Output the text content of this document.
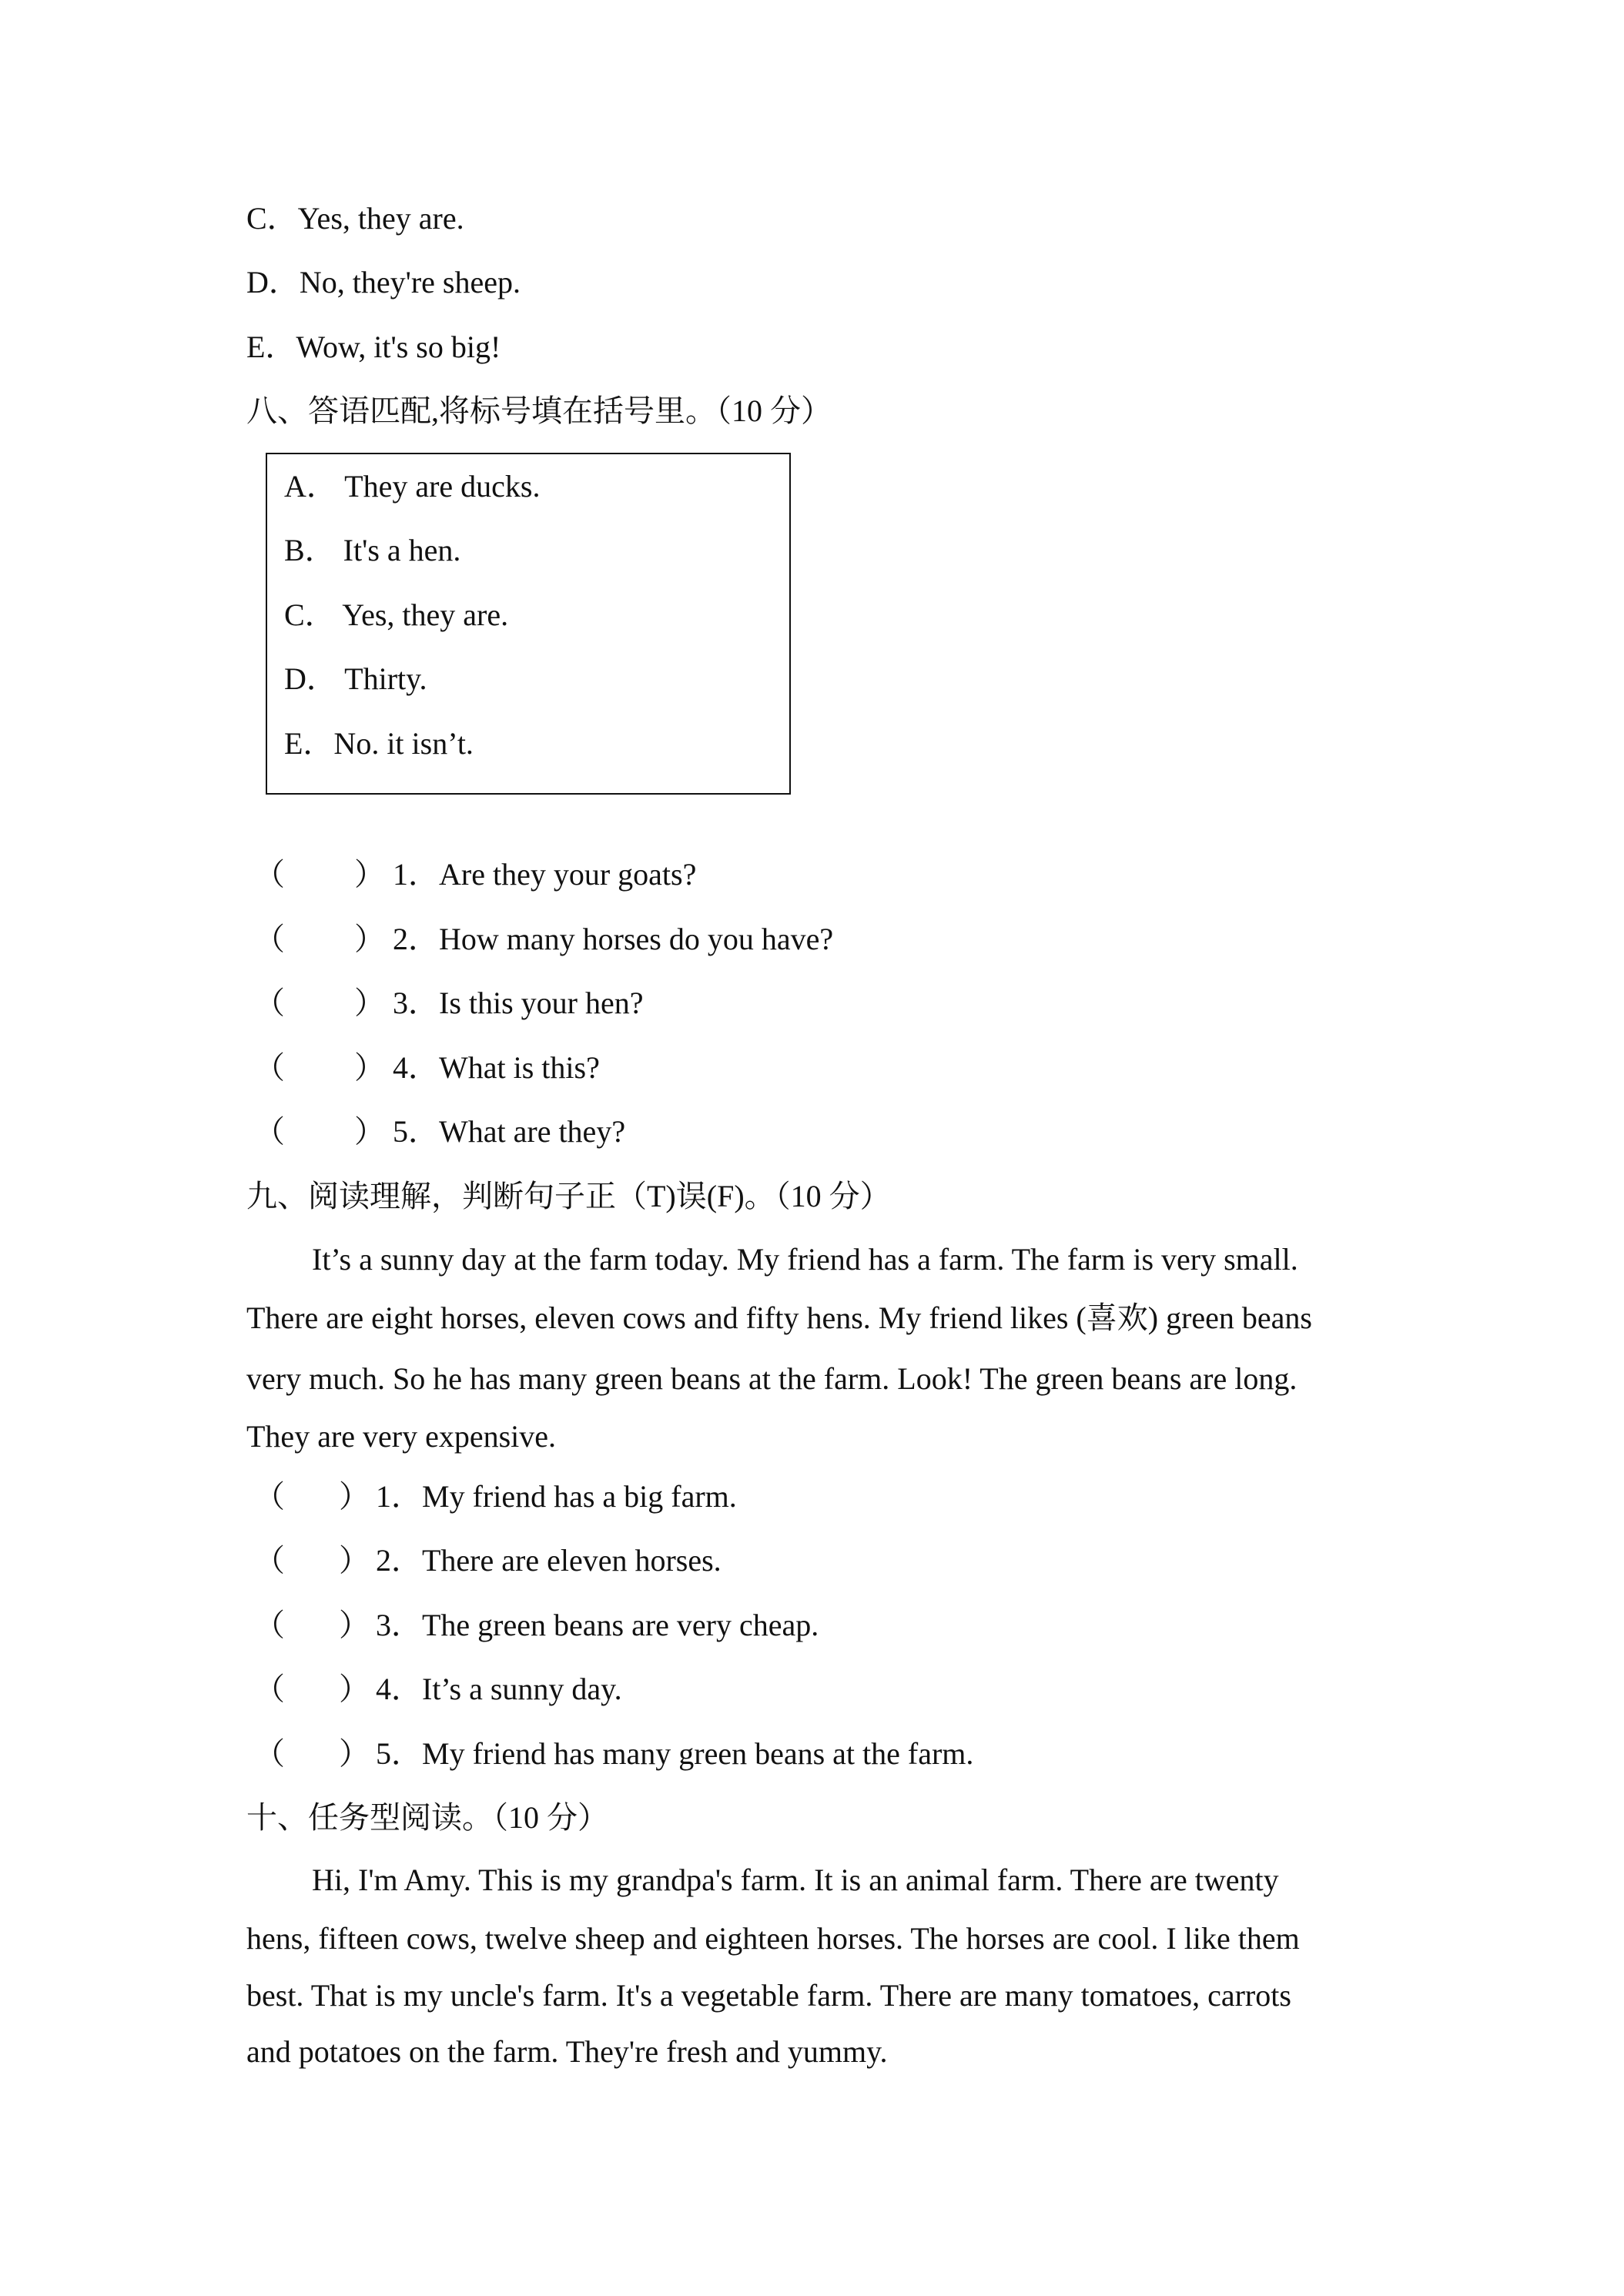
C．Yes, they are.
D．No, they're sheep.
E．Wow, it's so big!
八、答语匹配,将标号填在括号里。（10 分）
A． They are ducks.
B． It's a hen.
C． Yes, they are.
D． Thirty.
E．No. it isn’t.
（ ） 1．Are they your goats?
（ ） 2．How many horses do you have?
（ ） 3．Is this your hen?
（ ） 4．What is this?
（ ） 5．What are they?
九、阅读理解，判断句子正（T)误(F)。（10 分）
It’s a sunny day at the farm today. My friend has a farm. The farm is very small.
There are eight horses, eleven cows and fifty hens. My friend likes (喜欢) green beans
very much. So he has many green beans at the farm. Look! The green beans are long.
They are very expensive.
（ ） 1．My friend has a big farm.
（ ） 2．There are eleven horses.
（ ） 3．The green beans are very cheap.
（ ） 4．It’s a sunny day.
（ ） 5．My friend has many green beans at the farm.
十、任务型阅读。（10 分）
Hi, I'm Amy. This is my grandpa's farm. It is an animal farm. There are twenty
hens, fifteen cows, twelve sheep and eighteen horses. The horses are cool. I like them
best. That is my uncle's farm. It's a vegetable farm. There are many tomatoes, carrots
and potatoes on the farm. They're fresh and yummy.
